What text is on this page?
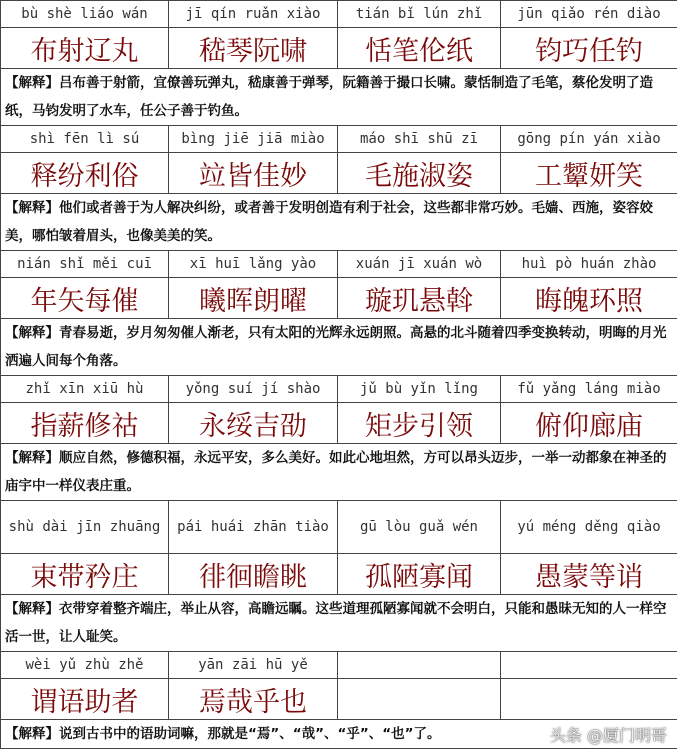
bù shè liáo wán	jī qín ruǎn xiào	tián bǐ lún zhǐ	jūn qiǎo rén diào
布射辽丸	嵇琴阮啸	恬笔伦纸	钧巧任钓
【解释】吕布善于射箭，宜僚善玩弹丸，嵇康善于弹琴，阮籍善于撮口长啸。蒙恬制造了毛笔，蔡伦发明了造纸，马钧发明了水车，任公子善于钓鱼。			
shì fēn lì sú	bìng jiē jiā miào	máo shī shū zī	gōng pín yán xiào
释纷利俗	竝皆佳妙	毛施淑姿	工颦妍笑
【解释】他们或者善于为人解决纠纷，或者善于发明创造有利于社会，这些都非常巧妙。毛嫱、西施，姿容姣美，哪怕皱着眉头，也像美美的笑。			
nián shǐ měi cuī	xī huī lǎng yào	xuán jī xuán wò	huì pò huán zhào
年矢每催	曦晖朗曜	璇玑悬斡	晦魄环照
【解释】青春易逝，岁月匆匆催人渐老，只有太阳的光辉永远朗照。高悬的北斗随着四季变换转动，明晦的月光洒遍人间每个角落。			
zhǐ xīn xiū hù	yǒng suí jí shào	jǔ bù yǐn lǐng	fǔ yǎng láng miào
指薪修祜	永绥吉劭	矩步引领	俯仰廊庙
【解释】顺应自然，修德积福，永远平安，多么美好。如此心地坦然，方可以昂头迈步，一举一动都象在神圣的庙宇中一样仪表庄重。			
shù dài jīn zhuāng	pái huái zhān tiào	gū lòu guǎ wén	yú méng děng qiào
束带矜庄	徘徊瞻眺	孤陋寡闻	愚蒙等诮
【解释】衣带穿着整齐端庄，举止从容，高瞻远瞩。这些道理孤陋寡闻就不会明白，只能和愚昧无知的人一样空活一世，让人耻笑。			
wèi yǔ zhù zhě	yān zāi hū yě		
谓语助者	焉哉乎也		
【解释】说到古书中的语助词嘛，那就是“焉”、“哉”、“乎”、“也”了。				头条 @厦门明哥
